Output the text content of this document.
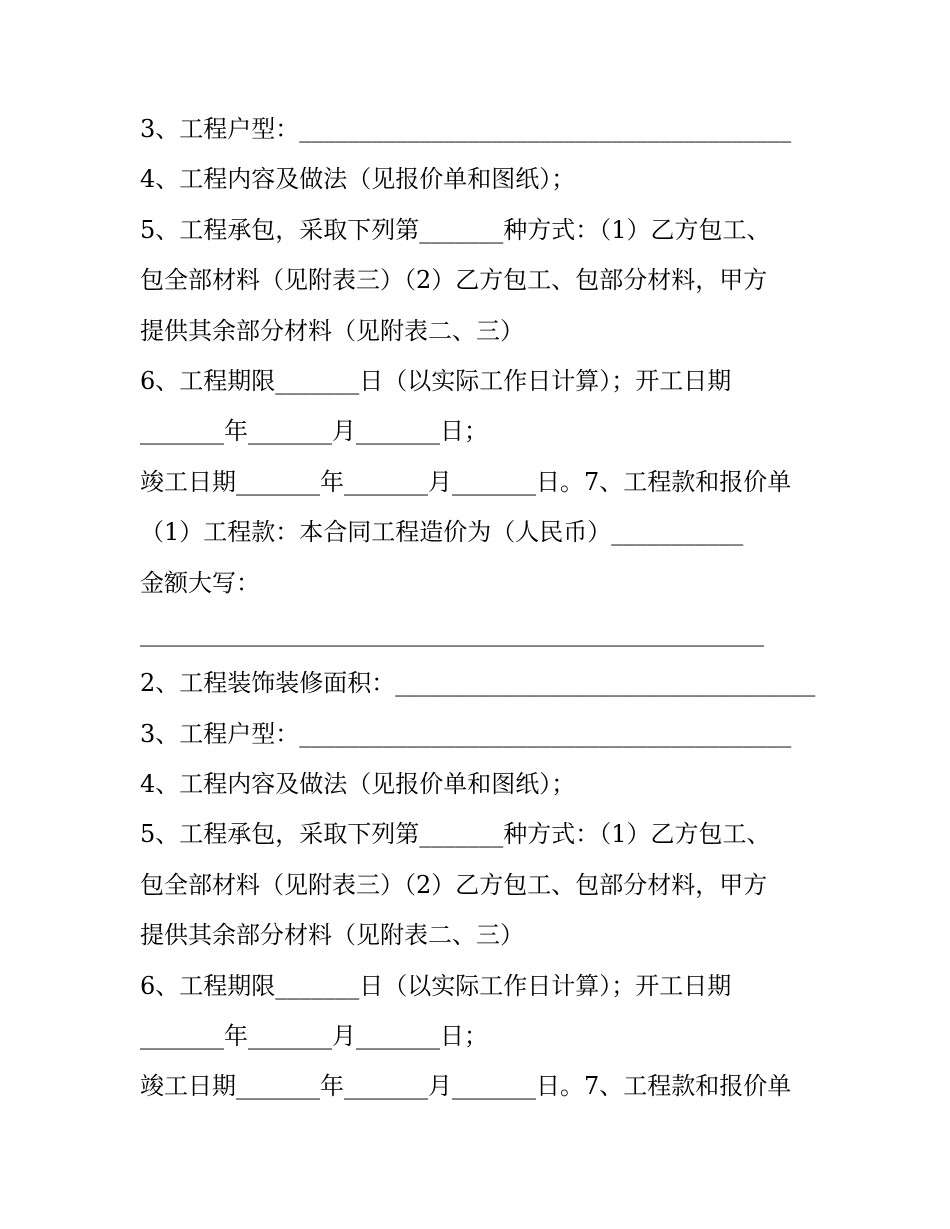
3、工程户型：_________________________________________
4、工程内容及做法（见报价单和图纸）；
5、工程承包，采取下列第_______种方式：（1）乙方包工、
包全部材料（见附表三）（2）乙方包工、包部分材料，甲方
提供其余部分材料（见附表二、三）
6、工程期限_______日（以实际工作日计算）；开工日期
_______年_______月_______日；
竣工日期_______年_______月_______日。7、工程款和报价单
（1）工程款：本合同工程造价为（人民币）___________
金额大写：
____________________________________________________
2、工程装饰装修面积：___________________________________
3、工程户型：_________________________________________
4、工程内容及做法（见报价单和图纸）；
5、工程承包，采取下列第_______种方式：（1）乙方包工、
包全部材料（见附表三）（2）乙方包工、包部分材料，甲方
提供其余部分材料（见附表二、三）
6、工程期限_______日（以实际工作日计算）；开工日期
_______年_______月_______日；
竣工日期_______年_______月_______日。7、工程款和报价单
